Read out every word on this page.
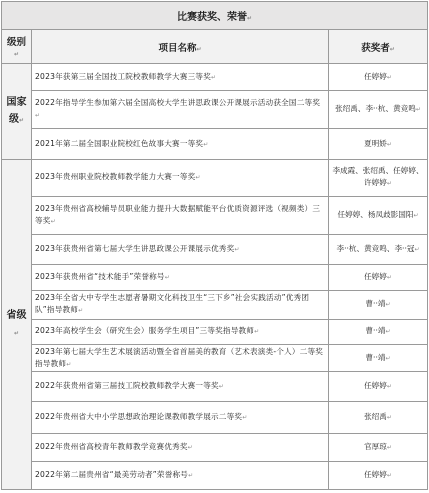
比赛获奖、荣誉↵		
级别↵	项目名称↵	获奖者↵
国家级↵	2023年获第三届全国技工院校教师教学大赛三等奖↵	任婷婷↵
	2022年指导学生参加第六届全国高校大学生讲思政课公开课展示活动获全国二等奖↵	张绍禹、李··杭、黄竞鸣↵
	2021年第二届全国职业院校红色故事大赛一等奖↵	夏明娇↵
省级↵	2023年贵州职业院校教师教学能力大赛一等奖↵	李成霞、张绍禹、任婷婷、许婷婷↵
	2023年贵州省高校辅导员职业能力提升大数据赋能平台优质资源评选（视频类）三等奖↵	任婷婷、杨凤歧影国阳↵
	2023年获贵州省第七届大学生讲思政课公开课展示优秀奖↵	李··杭、黄竞鸣、李··冠↵
	2023年获贵州省“技术能手”荣誉称号↵	任婷婷↵
	2023年全省大中专学生志愿者暑期文化科技卫生“三下乡”社会实践活动”优秀团队”指导教师↵	曹··靖↵
	2023年高校学生会（研究生会）服务学生项目”三等奖指导教师↵	曹··靖↵
	2023年第七届大学生艺术展演活动暨全省首届美的教育（艺术表演类-个人）二等奖指导教师↵	曹··靖↵
	2022年获贵州省第三届技工院校教师教学大赛一等奖↵	任婷婷↵
	2022年贵州省大中小学思想政治理论课教师教学展示二等奖↵	张绍禹↵
	2022年贵州省高校青年教师教学竞赛优秀奖↵	官厚琼↵
	2022年第二届贵州省“最美劳动者”荣誉称号↵	任婷婷↵
